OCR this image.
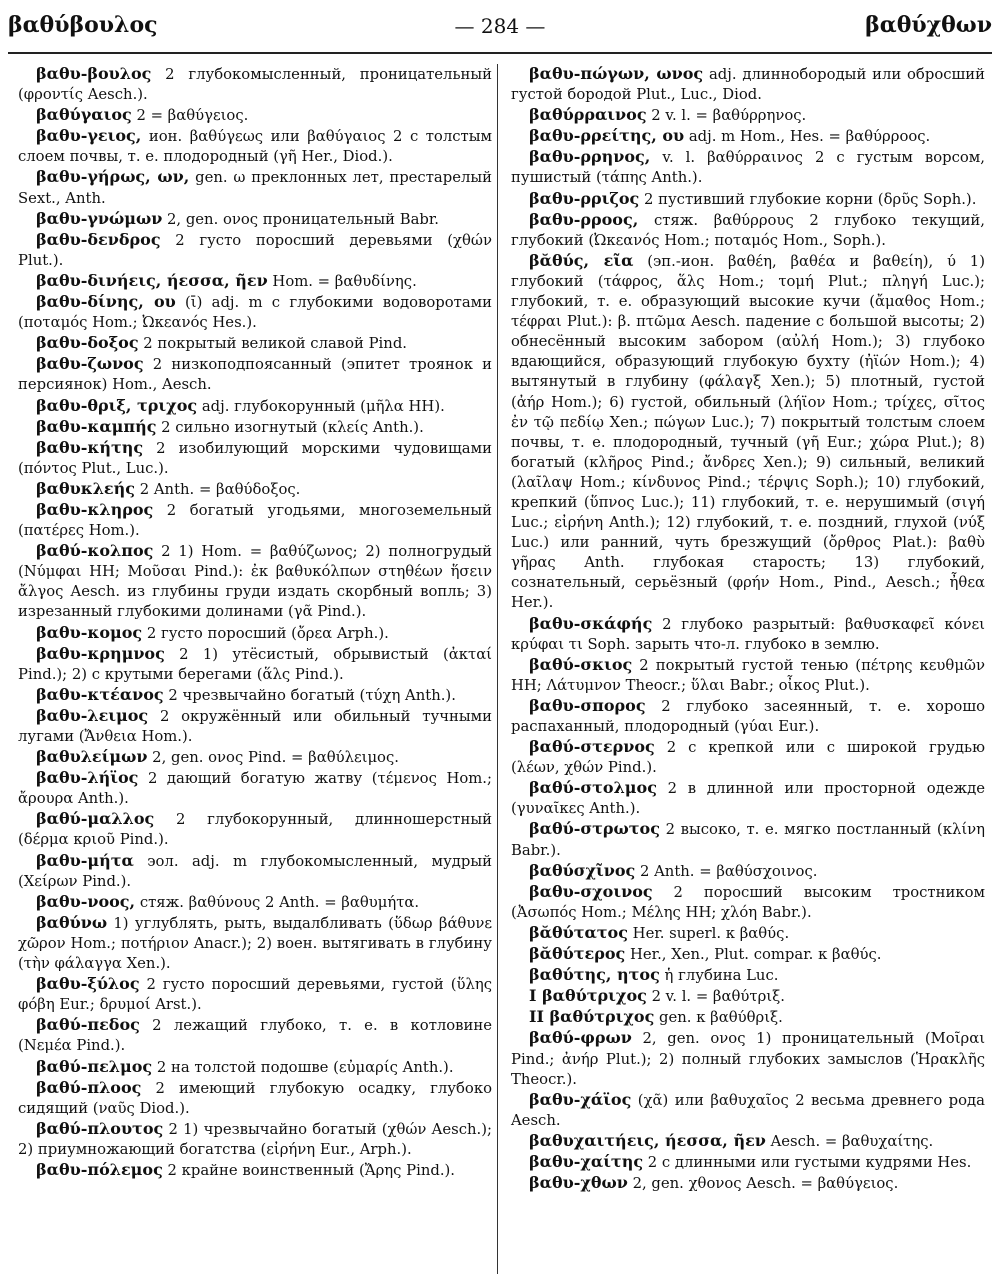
βαθύβουλος	— 284 —	βαθύχθων

βαθυ-βουλος 2 глубокомысленный, проницательный (φροντίς Aesch.).

βαθύγαιος 2 = βαθύγειος.

βαθυ-γειος, ион. βαθύγεως или βαθύγαιος 2 с толстым слоем почвы, т. е. плодородный (γῆ Her., Diod.).

βαθυ-γήρως, ων, gen. ω преклонных лет, престарелый Sext., Anth.

βαθυ-γνώμων 2, gen. ονος проницательный Babr.

βαθυ-δενδρος 2 густо поросший деревьями (χθών Plut.).

βαθυ-δινήεις, ήεσσα, ῆεν Hom. = βαθυδίνης.

βαθυ-δίνης, ου (ῑ) adj. m с глубокими водоворотами (ποταμός Hom.; Ὠκεανός Hes.).

βαθυ-δοξος 2 покрытый великой славой Pind.

βαθυ-ζωνος 2 низкоподпоясанный (эпитет троянок и персиянок) Hom., Aesch.

βαθυ-θριξ, τριχος adj. глубокорунный (μῆλα HH).

βαθυ-καμπής 2 сильно изогнутый (κλείς Anth.).

βαθυ-κήτης 2 изобилующий морскими чудовищами (πόντος Plut., Luc.).

βαθυκλεής 2 Anth. = βαθύδοξος.

βαθυ-κληρος 2 богатый угодьями, многоземельный (πατέρες Hom.).

βαθύ-κολπος 2 1) Hom. = βαθύζωνος; 2) полногрудый (Νύμφαι HH; Μοῦσαι Pind.): ἐκ βαθυκόλπων στηθέων ἥσειν ἄλγος Aesch. из глубины груди издать скорбный вопль; 3) изрезанный глубокими долинами (γᾶ Pind.).

βαθυ-κομος 2 густо поросший (ὄρεα Arph.).

βαθυ-κρημνος 2 1) утёсистый, обрывистый (ἀκταί Pind.); 2) с крутыми берегами (ἅλς Pind.).

βαθυ-κτέανος 2 чрезвычайно богатый (τύχη Anth.).

βαθυ-λειμος 2 окружённый или обильный тучными лугами (Ἄνθεια Hom.).

βαθυλείμων 2, gen. ονος Pind. = βαθύλειμος.

βαθυ-λήϊος 2 дающий богатую жатву (τέμενος Hom.; ἄρουρα Anth.).

βαθύ-μαλλος 2 глубокорунный, длинношерстный (δέρμα κριοῦ Pind.).

βαθυ-μήτα эол. adj. m глубокомысленный, мудрый (Χείρων Pind.).

βαθυ-νοος, стяж. βαθύνους 2 Anth. = βαθυμήτα.

βαθύνω 1) углублять, рыть, выдалбливать (ὕδωρ βάθυνε χῶρον Hom.; ποτήριον Anacr.); 2) воен. вытягивать в глубину (τὴν φάλαγγα Xen.).

βαθυ-ξύλος 2 густо поросший деревьями, густой (ὕλης φόβη Eur.; δρυμοί Arst.).

βαθύ-πεδος 2 лежащий глубоко, т. е. в котловине (Νεμέα Pind.).

βαθύ-πελμος 2 на толстой подошве (εὐμαρίς Anth.).

βαθύ-πλοος 2 имеющий глубокую осадку, глубоко сидящий (ναῦς Diod.).

βαθύ-πλουτος 2 1) чрезвычайно богатый (χθών Aesch.); 2) приумножающий богатства (εἰρήνη Eur., Arph.).

βαθυ-πόλεμος 2 крайне воинственный (Ἄρης Pind.).

βαθυ-πώγων, ωνος adj. длиннобородый или обросший густой бородой Plut., Luc., Diod.

βαθύρραινος 2 v. l. = βαθύρρηνος.

βαθυ-ρρείτης, ου adj. m Hom., Hes. = βαθύρροος.

βαθυ-ρρηνος, v. l. βαθύρραινος 2 с густым ворсом, пушистый (τάπης Anth.).

βαθυ-ρριζος 2 пустивший глубокие корни (δρῦς Soph.).

βαθυ-ρροος, стяж. βαθύρρους 2 глубоко текущий, глубокий (Ὠκεανός Hom.; ποταμός Hom., Soph.).

βᾰθύς, εῖα (эп.-ион. βαθέη, βαθέα и βαθείη), ύ 1) глубокий (τάφρος, ἅλς Hom.; τομή Plut.; πληγή Luc.); глубокий, т. е. образующий высокие кучи (ἄμαθος Hom.; τέφραι Plut.): β. πτῶμα Aesch. падение с большой высоты; 2) обнесённый высоким забором (αὐλή Hom.); 3) глубоко вдающийся, образующий глубокую бухту (ἠϊών Hom.); 4) вытянутый в глубину (φάλαγξ Xen.); 5) плотный, густой (ἀήρ Hom.); 6) густой, обильный (λήϊον Hom.; τρίχες, σῖτος ἐν τῷ πεδίῳ Xen.; πώγων Luc.); 7) покрытый толстым слоем почвы, т. е. плодородный, тучный (γῆ Eur.; χώρα Plut.); 8) богатый (κλῆρος Pind.; ἄνδρες Xen.); 9) сильный, великий (λαῖλαψ Hom.; κίνδυνος Pind.; τέρψις Soph.); 10) глубокий, крепкий (ὕπνος Luc.); 11) глубокий, т. е. нерушимый (σιγή Luc.; εἰρήνη Anth.); 12) глубокий, т. е. поздний, глухой (νύξ Luc.) или ранний, чуть брезжущий (ὄρθρος Plat.): βαθὺ γῆρας Anth. глубокая старость; 13) глубокий, сознательный, серьёзный (φρήν Hom., Pind., Aesch.; ἦθεα Her.).

βαθυ-σκάφής 2 глубоко разрытый: βαθυσκαφεῖ κόνει κρύφαι τι Soph. зарыть что-л. глубоко в землю.

βαθύ-σκιος 2 покрытый густой тенью (πέτρης κευθμῶν HH; Λάτυμνον Theocr.; ὕλαι Babr.; οἶκος Plut.).

βαθυ-σπορος 2 глубоко засеянный, т. е. хорошо распаханный, плодородный (γύαι Eur.).

βαθύ-στερνος 2 с крепкой или с широкой грудью (λέων, χθών Pind.).

βαθύ-στολμος 2 в длинной или просторной одежде (γυναῖκες Anth.).

βαθύ-στρωτος 2 высоко, т. е. мягко постланный (κλίνη Babr.).

βαθύσχῖνος 2 Anth. = βαθύσχοινος.

βαθυ-σχοινος 2 поросший высоким тростником (Ἀσωπός Hom.; Μέλης HH; χλόη Babr.).

βᾰθύτατος Her. superl. к βαθύς.

βᾰθύτερος Her., Xen., Plut. compar. к βαθύς.

βαθύτης, ητος ἡ глубина Luc.

I βαθύτριχος 2 v. l. = βαθύτριξ.

II βαθύτριχος gen. к βαθύθριξ.

βαθύ-φρων 2, gen. ονος 1) проницательный (Μοῖραι Pind.; ἀνήρ Plut.); 2) полный глубоких замыслов (Ἡρακλῆς Theocr.).

βαθυ-χάϊος (χᾶ) или βαθυχαῖος 2 весьма древнего рода Aesch.

βαθυχαιτήεις, ήεσσα, ῆεν Aesch. = βαθυχαίτης.

βαθυ-χαίτης 2 с длинными или густыми кудрями Hes.

βαθυ-χθων 2, gen. χθονος Aesch. = βαθύγειος.
